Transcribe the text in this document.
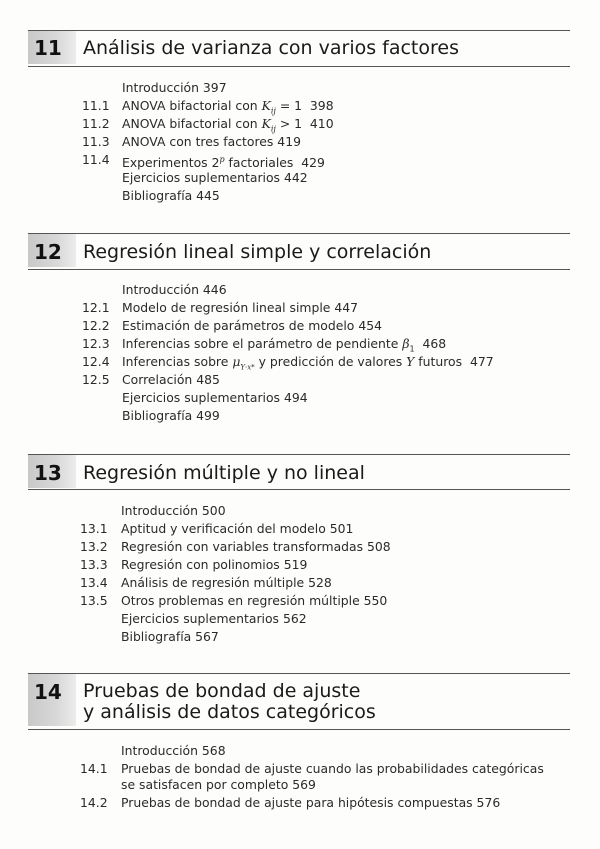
11 Análisis de varianza con varios factores
Introducción 397
11.1 ANOVA bifactorial con $K_{ij} = 1$  398
11.2 ANOVA bifactorial con $K_{ij} > 1$  410
11.3 ANOVA con tres factores 419
11.4 Experimentos 2$^p$ factoriales  429
Ejercicios suplementarios 442
Bibliografía 445
12 Regresión lineal simple y correlación
Introducción 446
12.1 Modelo de regresión lineal simple 447
12.2 Estimación de parámetros de modelo 454
12.3 Inferencias sobre el parámetro de pendiente $\beta_1$  468
12.4 Inferencias sobre $\mu_{Y\cdot x*}$ y predicción de valores Y futuros  477
12.5 Correlación 485
Ejercicios suplementarios 494
Bibliografía 499
13 Regresión múltiple y no lineal
Introducción 500
13.1 Aptitud y verificación del modelo 501
13.2 Regresión con variables transformadas 508
13.3 Regresión con polinomios 519
13.4 Análisis de regresión múltiple 528
13.5 Otros problemas en regresión múltiple 550
Ejercicios suplementarios 562
Bibliografía 567
14 Pruebas de bondad de ajuste
y análisis de datos categóricos
Introducción 568
14.1 Pruebas de bondad de ajuste cuando las probabilidades categóricas
se satisfacen por completo 569
14.2 Pruebas de bondad de ajuste para hipótesis compuestas 576
